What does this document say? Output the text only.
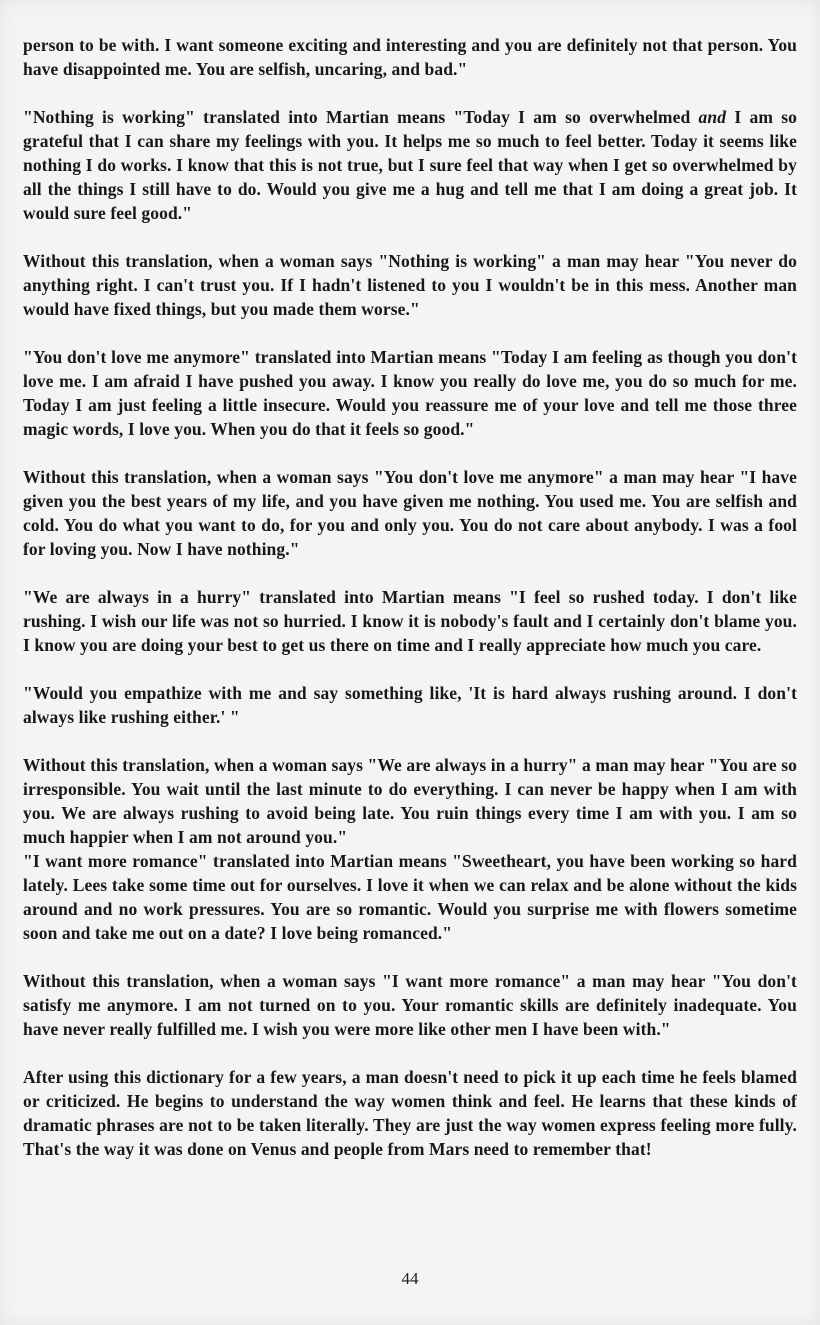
person to be with. I want someone exciting and interesting and you are definitely not that person. You have disappointed me. You are selfish, uncaring, and bad."

"Nothing is working" translated into Martian means "Today I am so overwhelmed and I am so grateful that I can share my feelings with you. It helps me so much to feel better. Today it seems like nothing I do works. I know that this is not true, but I sure feel that way when I get so overwhelmed by all the things I still have to do. Would you give me a hug and tell me that I am doing a great job. It would sure feel good."

Without this translation, when a woman says "Nothing is working" a man may hear "You never do anything right. I can't trust you. If I hadn't listened to you I wouldn't be in this mess. Another man would have fixed things, but you made them worse."

"You don't love me anymore" translated into Martian means "Today I am feeling as though you don't love me. I am afraid I have pushed you away. I know you really do love me, you do so much for me. Today I am just feeling a little insecure. Would you reassure me of your love and tell me those three magic words, I love you. When you do that it feels so good."

Without this translation, when a woman says "You don't love me anymore" a man may hear "I have given you the best years of my life, and you have given me nothing. You used me. You are selfish and cold. You do what you want to do, for you and only you. You do not care about anybody. I was a fool for loving you. Now I have nothing."

"We are always in a hurry" translated into Martian means "I feel so rushed today. I don't like rushing. I wish our life was not so hurried. I know it is nobody's fault and I certainly don't blame you. I know you are doing your best to get us there on time and I really appreciate how much you care.

"Would you empathize with me and say something like, 'It is hard always rushing around. I don't always like rushing either.' "

Without this translation, when a woman says "We are always in a hurry" a man may hear "You are so irresponsible. You wait until the last minute to do everything. I can never be happy when I am with you. We are always rushing to avoid being late. You ruin things every time I am with you. I am so much happier when I am not around you."

"I want more romance" translated into Martian means "Sweetheart, you have been working so hard lately. Lees take some time out for ourselves. I love it when we can relax and be alone without the kids around and no work pressures. You are so romantic. Would you surprise me with flowers sometime soon and take me out on a date? I love being romanced."

Without this translation, when a woman says "I want more romance" a man may hear "You don't satisfy me anymore. I am not turned on to you. Your romantic skills are definitely inadequate. You have never really fulfilled me. I wish you were more like other men I have been with."

After using this dictionary for a few years, a man doesn't need to pick it up each time he feels blamed or criticized. He begins to understand the way women think and feel. He learns that these kinds of dramatic phrases are not to be taken literally. They are just the way women express feeling more fully. That's the way it was done on Venus and people from Mars need to remember that!

44
